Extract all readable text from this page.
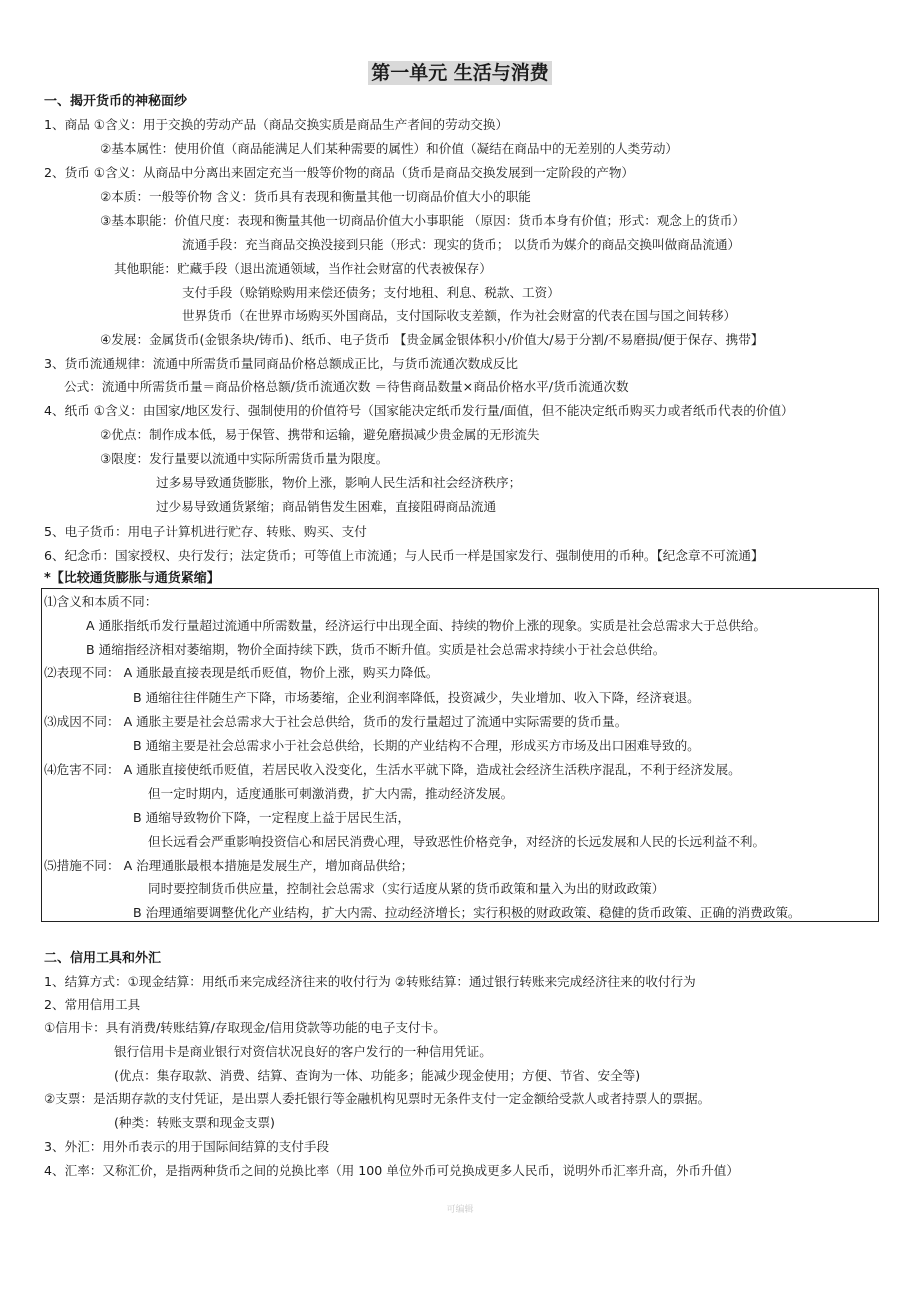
第一单元 生活与消费
一、揭开货币的神秘面纱
1、商品 ①含义：用于交换的劳动产品（商品交换实质是商品生产者间的劳动交换）
②基本属性：使用价值（商品能满足人们某种需要的属性）和价值（凝结在商品中的无差别的人类劳动）
2、货币 ①含义：从商品中分离出来固定充当一般等价物的商品（货币是商品交换发展到一定阶段的产物）
②本质：一般等价物 含义：货币具有表现和衡量其他一切商品价值大小的职能
③基本职能：价值尺度：表现和衡量其他一切商品价值大小事职能 （原因：货币本身有价值；形式：观念上的货币）
流通手段：充当商品交换没接到只能（形式：现实的货币； 以货币为媒介的商品交换叫做商品流通）
其他职能：贮藏手段（退出流通领域，当作社会财富的代表被保存）
支付手段（赊销赊购用来偿还债务；支付地租、利息、税款、工资）
世界货币（在世界市场购买外国商品，支付国际收支差额，作为社会财富的代表在国与国之间转移）
④发展：金属货币(金银条块/铸币)、纸币、电子货币 【贵金属金银体积小/价值大/易于分割/不易磨损/便于保存、携带】
3、货币流通规律：流通中所需货币量同商品价格总额成正比，与货币流通次数成反比
公式：流通中所需货币量＝商品价格总额/货币流通次数 ＝待售商品数量×商品价格水平/货币流通次数
4、纸币 ①含义：由国家/地区发行、强制使用的价值符号（国家能决定纸币发行量/面值，但不能决定纸币购买力或者纸币代表的价值）
②优点：制作成本低，易于保管、携带和运输，避免磨损减少贵金属的无形流失
③限度：发行量要以流通中实际所需货币量为限度。
过多易导致通货膨胀，物价上涨，影响人民生活和社会经济秩序；
过少易导致通货紧缩；商品销售发生困难，直接阻碍商品流通
5、电子货币：用电子计算机进行贮存、转账、购买、支付
6、纪念币：国家授权、央行发行；法定货币；可等值上市流通；与人民币一样是国家发行、强制使用的币种。【纪念章不可流通】
*【比较通货膨胀与通货紧缩】
⑴含义和本质不同：
A 通胀指纸币发行量超过流通中所需数量，经济运行中出现全面、持续的物价上涨的现象。实质是社会总需求大于总供给。
B 通缩指经济相对萎缩期，物价全面持续下跌，货币不断升值。实质是社会总需求持续小于社会总供给。
⑵表现不同： A 通胀最直接表现是纸币贬值，物价上涨，购买力降低。
B 通缩往往伴随生产下降，市场萎缩，企业利润率降低，投资减少，失业增加、收入下降，经济衰退。
⑶成因不同： A 通胀主要是社会总需求大于社会总供给，货币的发行量超过了流通中实际需要的货币量。
B 通缩主要是社会总需求小于社会总供给，长期的产业结构不合理，形成买方市场及出口困难导致的。
⑷危害不同： A 通胀直接使纸币贬值，若居民收入没变化，生活水平就下降，造成社会经济生活秩序混乱，不利于经济发展。
但一定时期内，适度通胀可刺激消费，扩大内需，推动经济发展。
B 通缩导致物价下降，一定程度上益于居民生活，
但长远看会严重影响投资信心和居民消费心理，导致恶性价格竞争，对经济的长远发展和人民的长远利益不利。
⑸措施不同： A 治理通胀最根本措施是发展生产，增加商品供给；
同时要控制货币供应量，控制社会总需求（实行适度从紧的货币政策和量入为出的财政政策）
B 治理通缩要调整优化产业结构，扩大内需、拉动经济增长；实行积极的财政政策、稳健的货币政策、正确的消费政策。
二、信用工具和外汇
1、结算方式：①现金结算：用纸币来完成经济往来的收付行为 ②转账结算：通过银行转账来完成经济往来的收付行为
2、常用信用工具
①信用卡：具有消费/转账结算/存取现金/信用贷款等功能的电子支付卡。
银行信用卡是商业银行对资信状况良好的客户发行的一种信用凭证。
(优点：集存取款、消费、结算、查询为一体、功能多；能减少现金使用；方便、节省、安全等)
②支票：是活期存款的支付凭证，是出票人委托银行等金融机构见票时无条件支付一定金额给受款人或者持票人的票据。
(种类：转账支票和现金支票)
3、外汇：用外币表示的用于国际间结算的支付手段
4、汇率：又称汇价，是指两种货币之间的兑换比率（用 100 单位外币可兑换成更多人民币，说明外币汇率升高，外币升值）
可编辑
